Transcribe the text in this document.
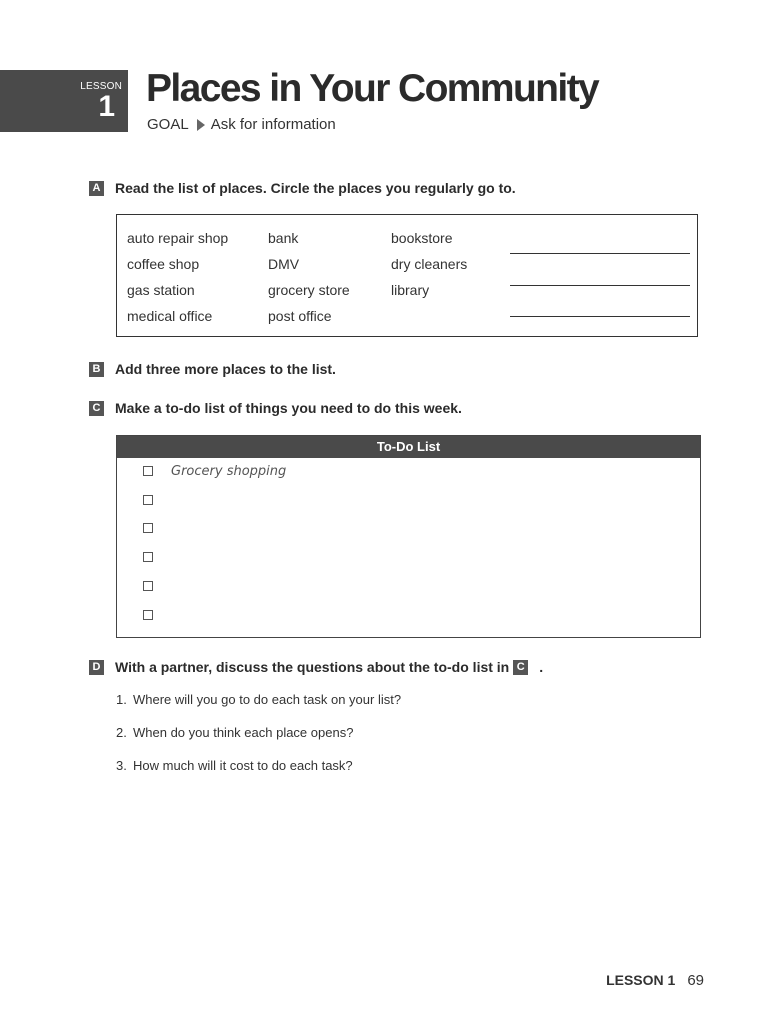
LESSON
1 Places in Your Community
GOAL Ask for information
A Read the list of places. Circle the places you regularly go to.
auto repair shop	bank	bookstore
coffee shop	DMV	dry cleaners
gas station	grocery store	library
medical office	post office
B Add three more places to the list.
C Make a to-do list of things you need to do this week.
To-Do List
Grocery shopping
D With a partner, discuss the questions about the to-do list in C .
1. Where will you go to do each task on your list?
2. When do you think each place opens?
3. How much will it cost to do each task?
LESSON 1 69
